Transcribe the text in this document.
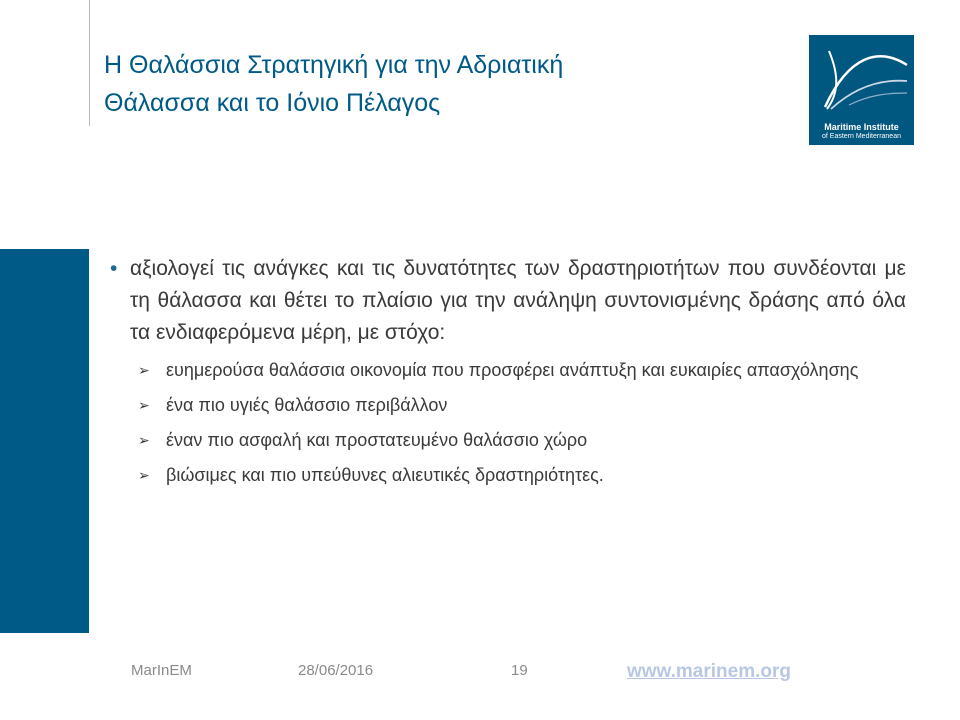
Η Θαλάσσια Στρατηγική για την Αδριατική
Θάλασσα και το Ιόνιο Πέλαγος
Maritime Institute
of Eastern Mediterranean
• αξιολογεί τις ανάγκες και τις δυνατότητες των δραστηριοτήτων που συνδέονται με τη θάλασσα και θέτει το πλαίσιο για την ανάληψη συντονισμένης δράσης από όλα τα ενδιαφερόμενα μέρη, με στόχο:
➢ ευημερούσα θαλάσσια οικονομία που προσφέρει ανάπτυξη και ευκαιρίες απασχόλησης
➢ ένα πιο υγιές θαλάσσιο περιβάλλον
➢ έναν πιο ασφαλή και προστατευμένο θαλάσσιο χώρο
➢ βιώσιμες και πιο υπεύθυνες αλιευτικές δραστηριότητες.
MarInEM	28/06/2016	19	www.marinem.org
